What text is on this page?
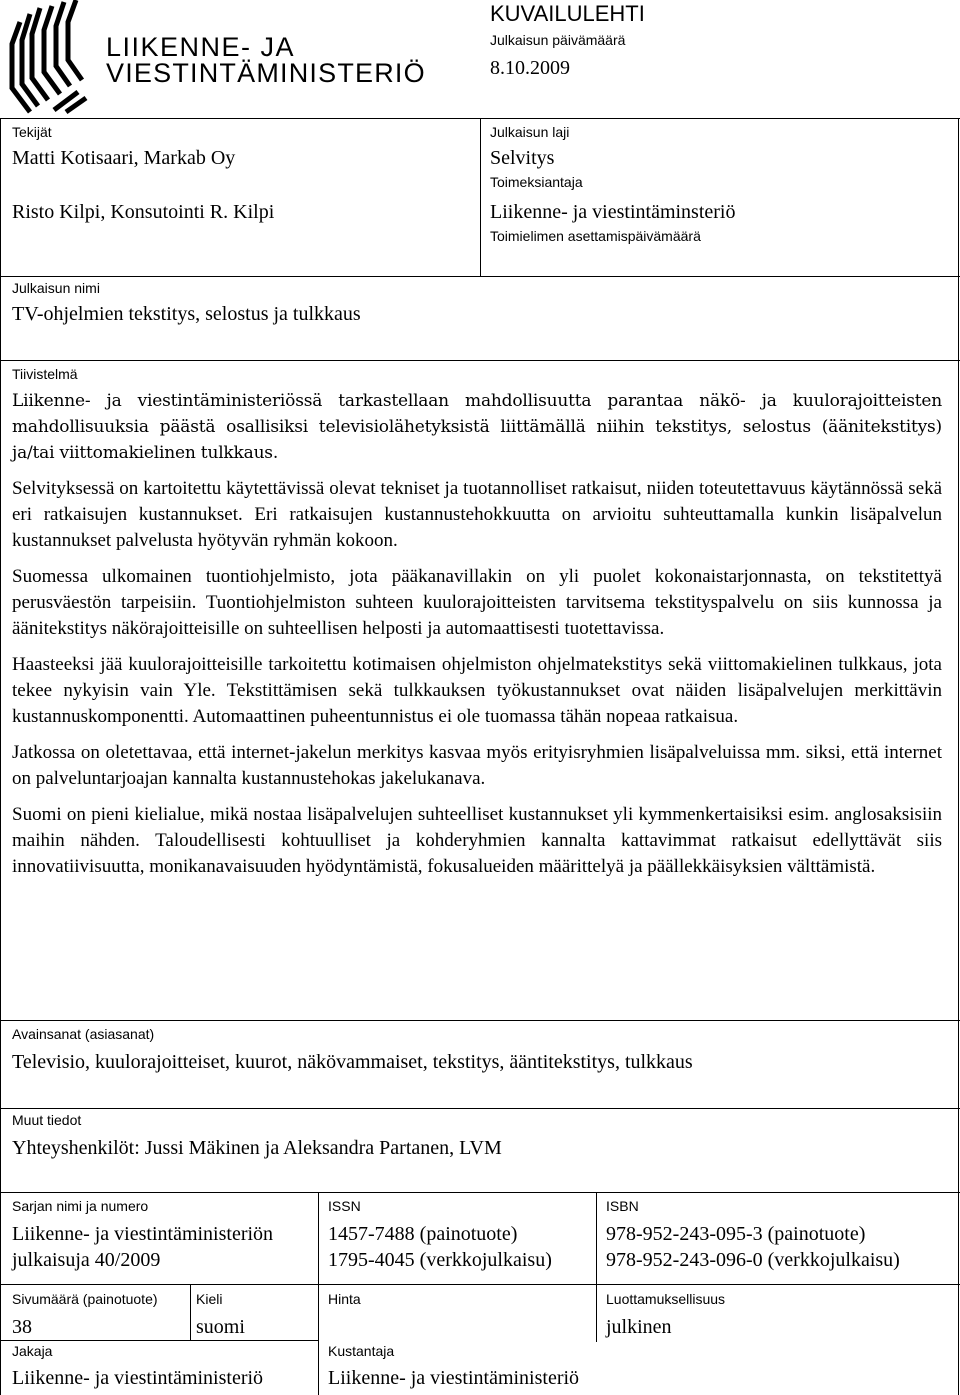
LIIKENNE- JA
VIESTINTÄMINISTERIÖ
KUVAILULEHTI
Julkaisun päivämäärä
8.10.2009
Tekijät
Matti Kotisaari, Markab Oy
Risto Kilpi, Konsutointi R. Kilpi
Julkaisun laji
Selvitys
Toimeksiantaja
Liikenne- ja viestintäminsteriö
Toimielimen asettamispäivämäärä
Julkaisun nimi
TV-ohjelmien tekstitys, selostus ja tulkkaus
Tiivistelmä

Liikenne- ja viestintäministeriössä tarkastellaan mahdollisuutta parantaa näkö- ja kuulorajoitteisten mahdollisuuksia päästä osallisiksi televisiolähetyksistä liittämällä niihin tekstitys, selostus (äänitekstitys) ja/tai viittomakielinen tulkkaus.

Selvityksessä on kartoitettu käytettävissä olevat tekniset ja tuotannolliset ratkaisut, niiden toteutettavuus käytännössä sekä eri ratkaisujen kustannukset. Eri ratkaisujen kustannustehokkuutta on arvioitu suhteuttamalla kunkin lisäpalvelun kustannukset palvelusta hyötyvän ryhmän kokoon.

Suomessa ulkomainen tuontiohjelmisto, jota pääkanavillakin on yli puolet kokonaistarjonnasta, on tekstitettyä perusväestön tarpeisiin. Tuontiohjelmiston suhteen kuulorajoitteisten tarvitsema tekstityspalvelu on siis kunnossa ja äänitekstitys näkörajoitteisille on suhteellisen helposti ja automaattisesti tuotettavissa.

Haasteeksi jää kuulorajoitteisille tarkoitettu kotimaisen ohjelmiston ohjelmatekstitys sekä viittomakielinen tulkkaus, jota tekee nykyisin vain Yle. Tekstittämisen sekä tulkkauksen työkustannukset ovat näiden lisäpalvelujen merkittävin kustannuskomponentti. Automaattinen puheentunnistus ei ole tuomassa tähän nopeaa ratkaisua.

Jatkossa on oletettavaa, että internet-jakelun merkitys kasvaa myös erityisryhmien lisäpalveluissa mm. siksi, että internet on palveluntarjoajan kannalta kustannustehokas jakelukanava.

Suomi on pieni kielialue, mikä nostaa lisäpalvelujen suhteelliset kustannukset yli kymmenkertaisiksi esim. anglosaksisiin maihin nähden. Taloudellisesti kohtuulliset ja kohderyhmien kannalta kattavimmat ratkaisut edellyttävät siis innovatiivisuutta, monikanavaisuuden hyödyntämistä, fokusalueiden määrittelyä ja päällekkäisyksien välttämistä.

Avainsanat (asiasanat)
Televisio, kuulorajoitteiset, kuurot, näkövammaiset, tekstitys, ääntitekstitys, tulkkaus
Muut tiedot
Yhteyshenkilöt: Jussi Mäkinen ja Aleksandra Partanen, LVM
Sarjan nimi ja numero
Liikenne- ja viestintäministeriön
julkaisuja 40/2009
ISSN
1457-7488 (painotuote)
1795-4045 (verkkojulkaisu)
ISBN
978-952-243-095-3 (painotuote)
978-952-243-096-0 (verkkojulkaisu)
Sivumäärä (painotuote)
38
Kieli
suomi
Hinta	Luottamuksellisuus
julkinen
Jakaja
Liikenne- ja viestintäministeriö
Kustantaja
Liikenne- ja viestintäministeriö
